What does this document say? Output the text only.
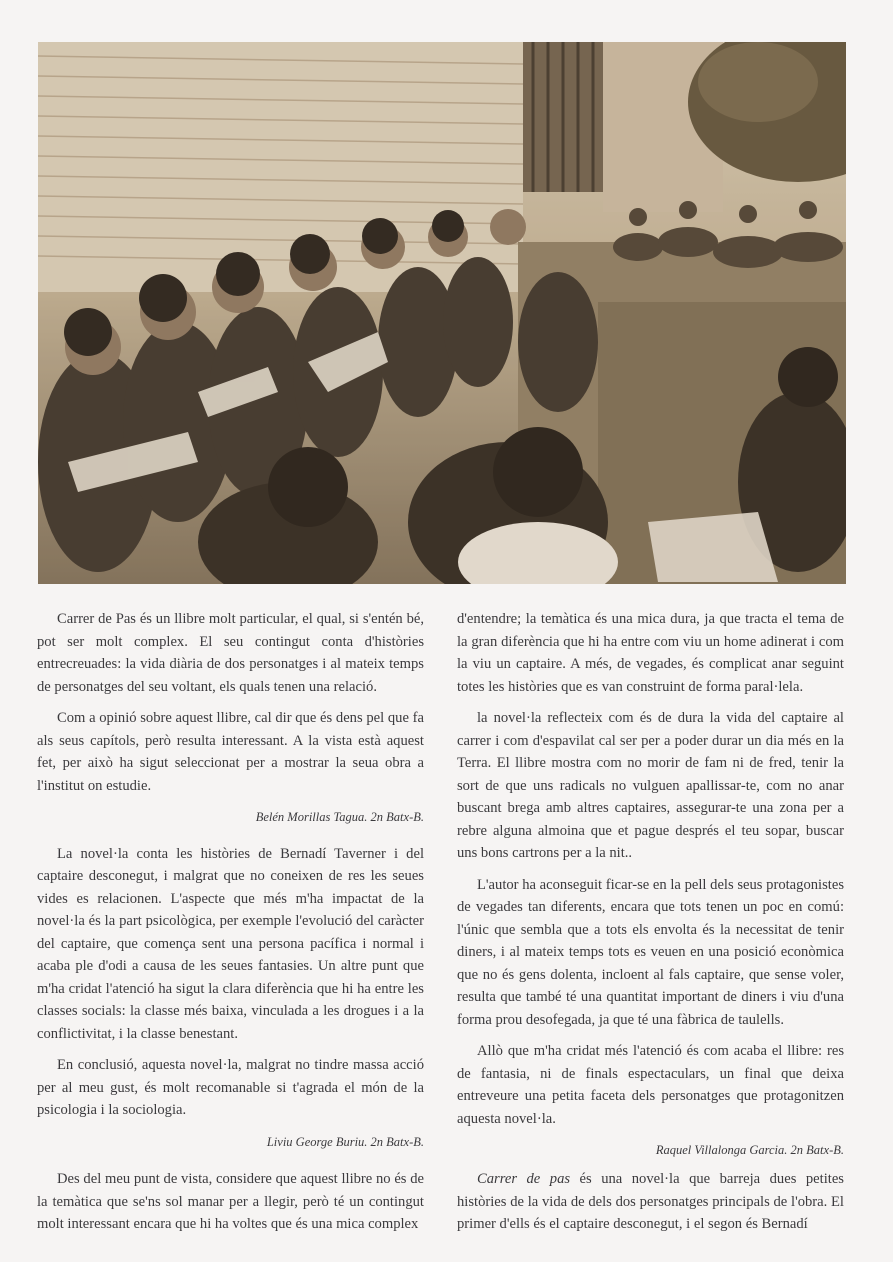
Carrer de Pas és un llibre molt particular, el qual, si s'entén bé, pot ser molt complex. El seu contingut conta d'històries entrecreuades: la vida diària de dos personatges i al mateix temps de personatges del seu voltant, els quals tenen una relació.

Com a opinió sobre aquest llibre, cal dir que és dens pel que fa als seus capítols, però resulta interessant. A la vista està aquest fet, per això ha sigut seleccionat per a mostrar la seua obra a l'institut on estudie.

Belén Morillas Tagua. 2n Batx-B.

La novel·la conta les històries de Bernadí Taverner i del captaire desconegut, i malgrat que no coneixen de res les seues vides es relacionen. L'aspecte que més m'ha impactat de la novel·la és la part psicològica, per exemple l'evolució del caràcter del captaire, que comença sent una persona pacífica i normal i acaba ple d'odi a causa de les seues fantasies. Un altre punt que m'ha cridat l'atenció ha sigut la clara diferència que hi ha entre les classes socials: la classe més baixa, vinculada a les drogues i a la conflictivitat, i la classe benestant.

En conclusió, aquesta novel·la, malgrat no tindre massa acció per al meu gust, és molt recomanable si t'agrada el món de la psicologia i la sociologia.

Liviu George Buriu. 2n Batx-B.

d'entendre; la temàtica és una mica dura, ja que tracta el tema de la gran diferència que hi ha entre com viu un home adinerat i com la viu un captaire. A més, de vegades, és complicat anar seguint totes les històries que es van construint de forma paral·lela.

la novel·la reflecteix com és de dura la vida del captaire al carrer i com d'espavilat cal ser per a poder durar un dia més en la Terra. El llibre mostra com no morir de fam ni de fred, tenir la sort de que uns radicals no vulguen apallissar-te, com no anar buscant brega amb altres captaires, assegurar-te una zona per a rebre alguna almoina que et pague després el teu sopar, buscar uns bons cartrons per a la nit..

L'autor ha aconseguit ficar-se en la pell dels seus protagonistes de vegades tan diferents, encara que tots tenen un poc en comú: l'únic que sembla que a tots els envolta és la necessitat de tenir diners, i al mateix temps tots es veuen en una posició econòmica que no és gens dolenta, incloent al fals captaire, que sense voler, resulta que també té una quantitat important de diners i viu d'una forma prou desofegada, ja que té una fàbrica de taulells.

Allò que m'ha cridat més l'atenció és com acaba el llibre: res de fantasia, ni de finals espectaculars, un final que deixa entreveure una petita faceta dels personatges que protagonitzen aquesta novel·la.

Raquel Villalonga Garcia. 2n Batx-B.

Des del meu punt de vista, considere que aquest llibre no és de la temàtica que se'ns sol manar per a llegir, però té un contingut molt interessant encara que hi ha voltes que és una mica complex

Carrer de pas és una novel·la que barreja dues petites històries de la vida de dels dos personatges principals de l'obra. El primer d'ells és el captaire desconegut, i el segon és Bernadí
